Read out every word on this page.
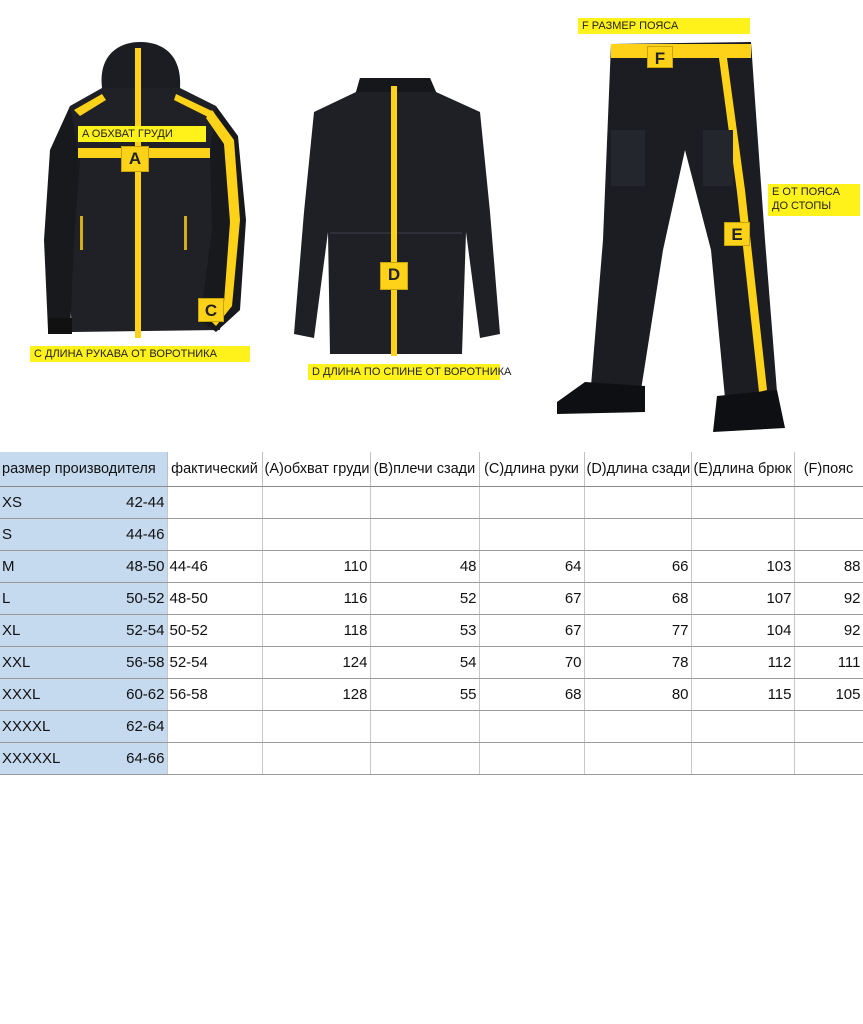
A
C
D
E
F
A ОБХВАТ ГРУДИ
C ДЛИНА РУКАВА ОТ ВОРОТНИКА
D ДЛИНА ПО СПИНЕ ОТ ВОРОТНИКА
F РАЗМЕР ПОЯСА
Е ОТ ПОЯСА ДО СТОПЫ
размер производителя	фактический	(A)обхват груди	(B)плечи сзади	(C)длина руки	(D)длина сзади	(E)длина брюк	(F)пояс

XS 42-44							

S 44-46							

M 48-50	44-46	110	48	64	66	103	88

L 50-52	48-50	116	52	67	68	107	92

XL 52-54	50-52	118	53	67	77	104	92

XXL 56-58	52-54	124	54	70	78	112	111

XXXL 60-62	56-58	128	55	68	80	115	105

XXXXL 62-64							

XXXXXL 64-66							
